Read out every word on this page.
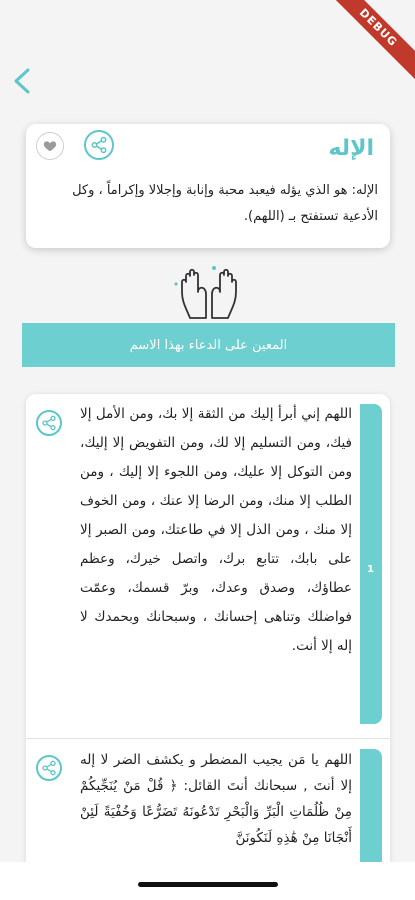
DEBUG
الإله
الإله: هو الذي يؤله فيعبد محبة وإنابة وإجلالا وإكراماً ، وكل الأدعية تستفتح بـ (اللهم).
المعين على الدعاء بهذا الاسم
1
اللهم إني أبرأ إليك من الثقة إلا بك، ومن الأمل إلا فيك، ومن التسليم إلا لك، ومن التفويض إلا إليك، ومن التوكل إلا عليك، ومن اللجوء إلا إليك ، ومن الطلب إلا منك، ومن الرضا إلا عنك ، ومن الخوف إلا منك ، ومن الذل إلا في طاعتك، ومن الصبر إلا على بابك، تتابع برك، واتصل خيرك، وعظم عطاؤك، وصدق وعدك، وبرّ قسمك، وعمّت فواضلك وتناهى إحسانك ، وسبحانك وبحمدك لا إله إلا أنت.
اللهم يا مَن يجيب المضطر و يكشف الضر لا إله إلا أنتَ , سبحانك أنتَ القائل: ﴿ قُلْ مَنْ يُنَجِّيكُمْ مِنْ ظُلُمَاتِ الْبَرِّ وَالْبَحْرِ تَدْعُونَهُ تَضَرُّعًا وَخُفْيَةً لَئِنْ أَنْجَانَا مِنْ هَٰذِهِ لَنَكُونَنَّ
